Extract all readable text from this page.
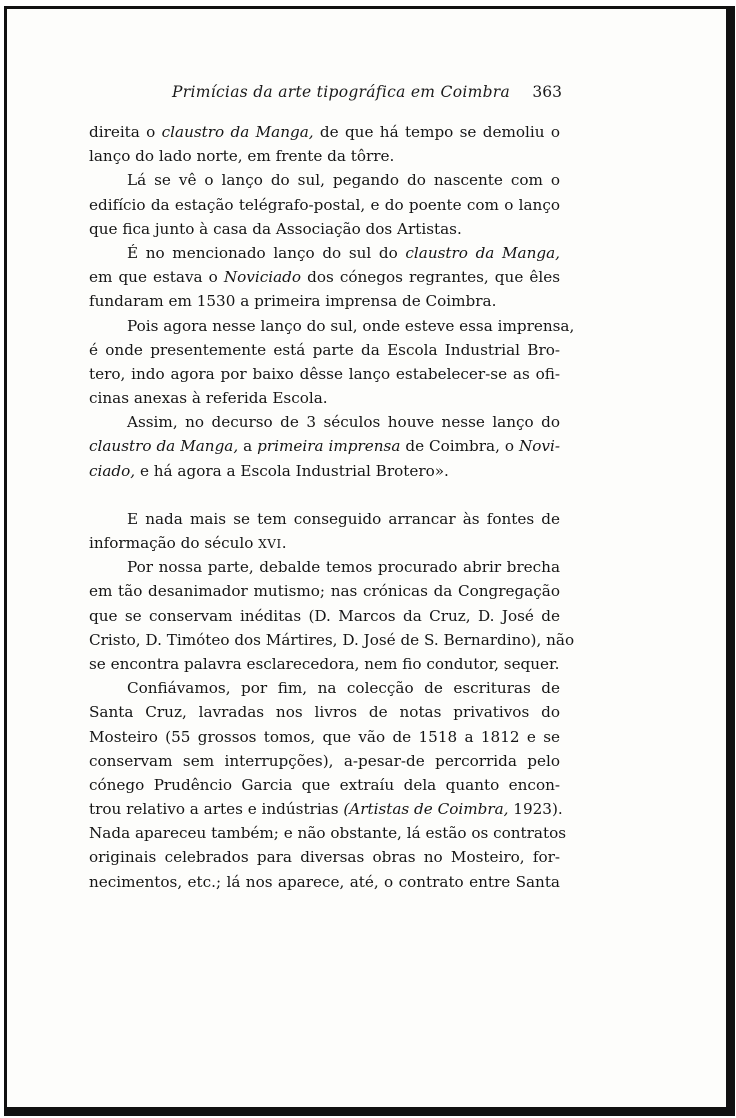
Primícias da arte tipográfica em Coimbra 363
direita o claustro da Manga, de que há tempo se demoliu o
lanço do lado norte, em frente da tôrre.
Lá se vê o lanço do sul, pegando do nascente com o
edifício da estação telégrafo-postal, e do poente com o lanço
que fica junto à casa da Associação dos Artistas.
É no mencionado lanço do sul do claustro da Manga,
em que estava o Noviciado dos cónegos regrantes, que êles
fundaram em 1530 a primeira imprensa de Coimbra.
Pois agora nesse lanço do sul, onde esteve essa imprensa,
é onde presentemente está parte da Escola Industrial Bro-
tero, indo agora por baixo dêsse lanço estabelecer-se as ofi-
cinas anexas à referida Escola.
Assim, no decurso de 3 séculos houve nesse lanço do
claustro da Manga, a primeira imprensa de Coimbra, o Novi-
ciado, e há agora a Escola Industrial Brotero».
E nada mais se tem conseguido arrancar às fontes de
informação do século XVI.
Por nossa parte, debalde temos procurado abrir brecha
em tão desanimador mutismo; nas crónicas da Congregação
que se conservam inéditas (D. Marcos da Cruz, D. José de
Cristo, D. Timóteo dos Mártires, D. José de S. Bernardino), não
se encontra palavra esclarecedora, nem fio condutor, sequer.
Confiávamos, por fim, na colecção de escrituras de
Santa Cruz, lavradas nos livros de notas privativos do
Mosteiro (55 grossos tomos, que vão de 1518 a 1812 e se
conservam sem interrupções), a-pesar-de percorrida pelo
cónego Prudêncio Garcia que extraíu dela quanto encon-
trou relativo a artes e indústrias (Artistas de Coimbra, 1923).
Nada apareceu também; e não obstante, lá estão os contratos
originais celebrados para diversas obras no Mosteiro, for-
necimentos, etc.; lá nos aparece, até, o contrato entre Santa
